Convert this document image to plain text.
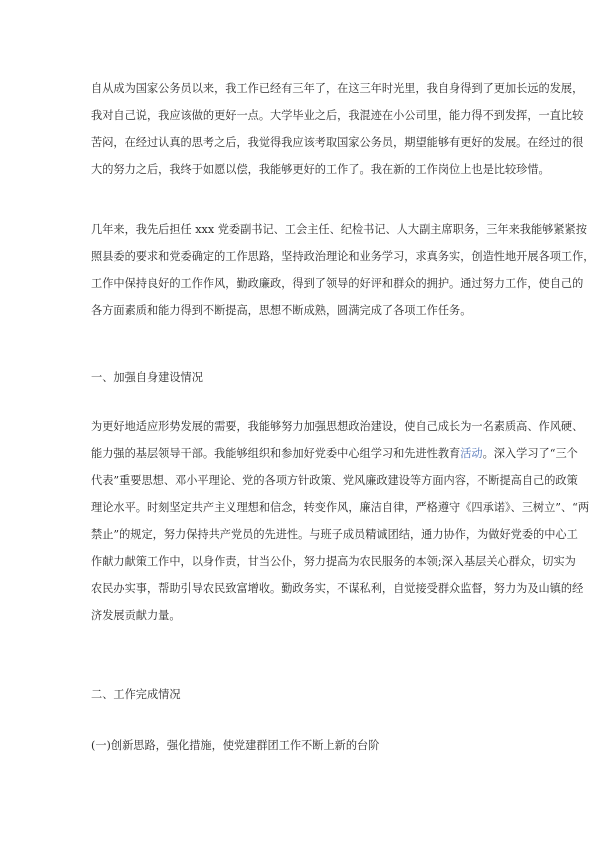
自从成为国家公务员以来，我工作已经有三年了，在这三年时光里，我自身得到了更加长远的发展，
我对自己说，我应该做的更好一点。大学毕业之后，我混迹在小公司里，能力得不到发挥，一直比较
苦闷，在经过认真的思考之后，我觉得我应该考取国家公务员，期望能够有更好的发展。在经过的很
大的努力之后，我终于如愿以偿，我能够更好的工作了。我在新的工作岗位上也是比较珍惜。

几年来，我先后担任 xxx 党委副书记、工会主任、纪检书记、人大副主席职务，三年来我能够紧紧按
照县委的要求和党委确定的工作思路，坚持政治理论和业务学习，求真务实，创造性地开展各项工作，
工作中保持良好的工作作风，勤政廉政，得到了领导的好评和群众的拥护。通过努力工作，使自己的
各方面素质和能力得到不断提高，思想不断成熟，圆满完成了各项工作任务。

一、加强自身建设情况

为更好地适应形势发展的需要，我能够努力加强思想政治建设，使自己成长为一名素质高、作风硬、
能力强的基层领导干部。我能够组织和参加好党委中心组学习和先进性教育活动。深入学习了“三个
代表”重要思想、邓小平理论、党的各项方针政策、党风廉政建设等方面内容，不断提高自己的政策
理论水平。时刻坚定共产主义理想和信念，转变作风，廉洁自律，严格遵守《四承诺》、三树立”、“两
禁止”的规定，努力保持共产党员的先进性。与班子成员精诚团结，通力协作，为做好党委的中心工
作献力献策工作中，以身作责，甘当公仆，努力提高为农民服务的本领;深入基层关心群众，切实为
农民办实事，帮助引导农民致富增收。勤政务实，不谋私利，自觉接受群众监督，努力为及山镇的经
济发展贡献力量。

二、工作完成情况

(一)创新思路，强化措施，使党建群团工作不断上新的台阶
